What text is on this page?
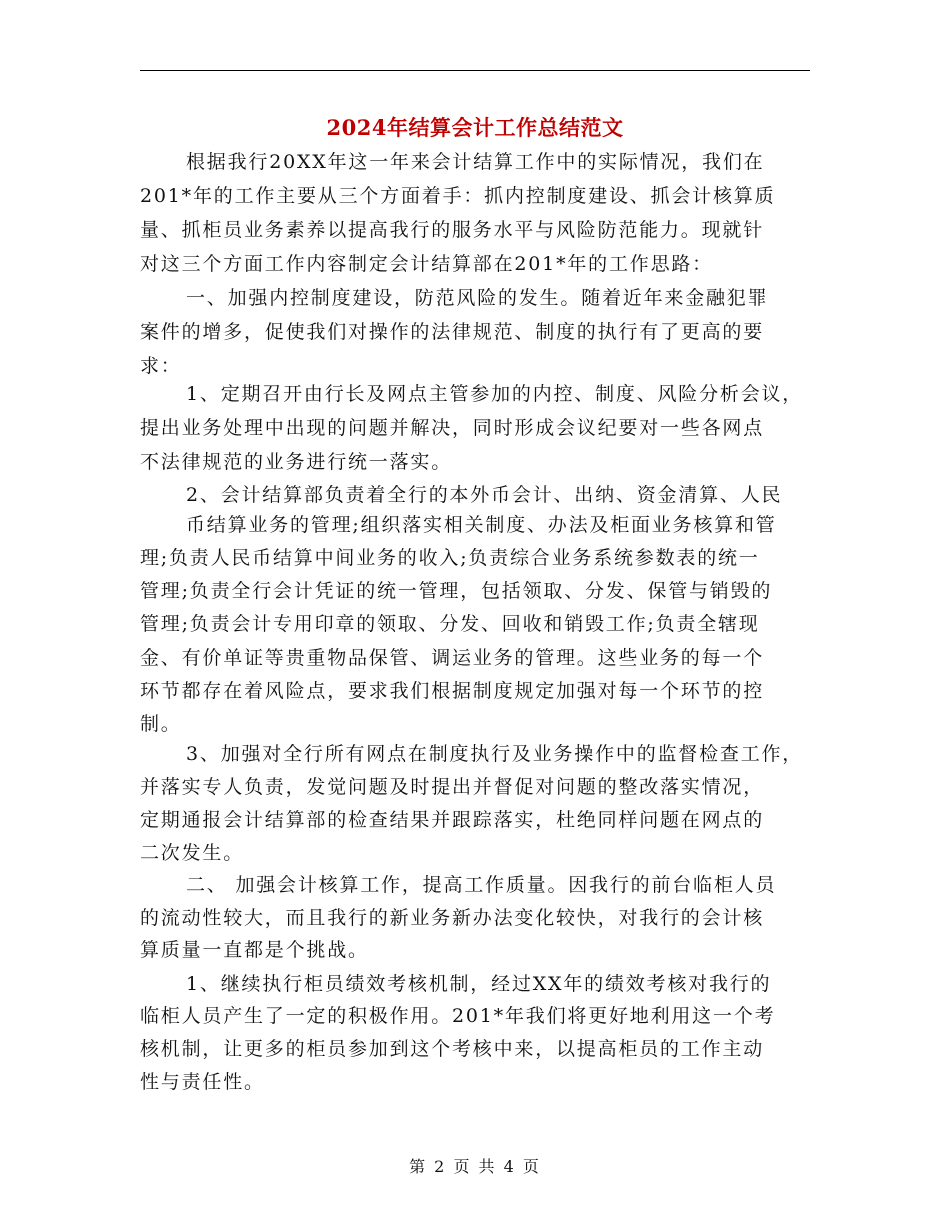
2024年结算会计工作总结范文
根据我行20XX年这一年来会计结算工作中的实际情况，我们在
201*年的工作主要从三个方面着手：抓内控制度建设、抓会计核算质
量、抓柜员业务素养以提高我行的服务水平与风险防范能力。现就针
对这三个方面工作内容制定会计结算部在201*年的工作思路：
一、加强内控制度建设，防范风险的发生。随着近年来金融犯罪
案件的增多，促使我们对操作的法律规范、制度的执行有了更高的要
求：
1、定期召开由行长及网点主管参加的内控、制度、风险分析会议，
提出业务处理中出现的问题并解决，同时形成会议纪要对一些各网点
不法律规范的业务进行统一落实。
2、会计结算部负责着全行的本外币会计、出纳、资金清算、人民
币结算业务的管理;组织落实相关制度、办法及柜面业务核算和管
理;负责人民币结算中间业务的收入;负责综合业务系统参数表的统一
管理;负责全行会计凭证的统一管理，包括领取、分发、保管与销毁的
管理;负责会计专用印章的领取、分发、回收和销毁工作;负责全辖现
金、有价单证等贵重物品保管、调运业务的管理。这些业务的每一个
环节都存在着风险点，要求我们根据制度规定加强对每一个环节的控
制。
3、加强对全行所有网点在制度执行及业务操作中的监督检查工作，
并落实专人负责，发觉问题及时提出并督促对问题的整改落实情况，
定期通报会计结算部的检查结果并跟踪落实，杜绝同样问题在网点的
二次发生。
二、 加强会计核算工作，提高工作质量。因我行的前台临柜人员
的流动性较大，而且我行的新业务新办法变化较快，对我行的会计核
算质量一直都是个挑战。
1、继续执行柜员绩效考核机制，经过XX年的绩效考核对我行的
临柜人员产生了一定的积极作用。201*年我们将更好地利用这一个考
核机制，让更多的柜员参加到这个考核中来，以提高柜员的工作主动
性与责任性。
第 2 页 共 4 页
